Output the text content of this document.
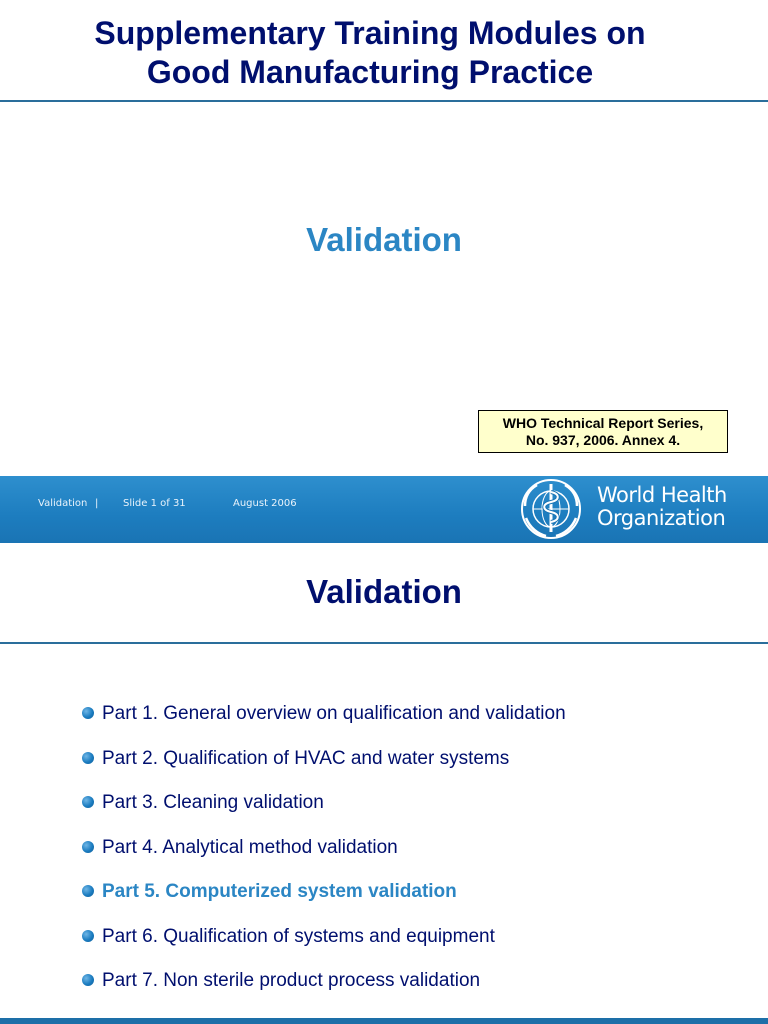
Supplementary Training Modules on
Good Manufacturing Practice
Validation
WHO Technical Report Series,
No. 937, 2006. Annex 4.
Validation | Slide 1 of 31	August 2006	World Health
Organization
Validation
Part 1. General overview on qualification and validation
Part 2. Qualification of HVAC and water systems
Part 3. Cleaning validation
Part 4. Analytical method validation
Part 5. Computerized system validation
Part 6. Qualification of systems and equipment
Part 7. Non sterile product process validation
